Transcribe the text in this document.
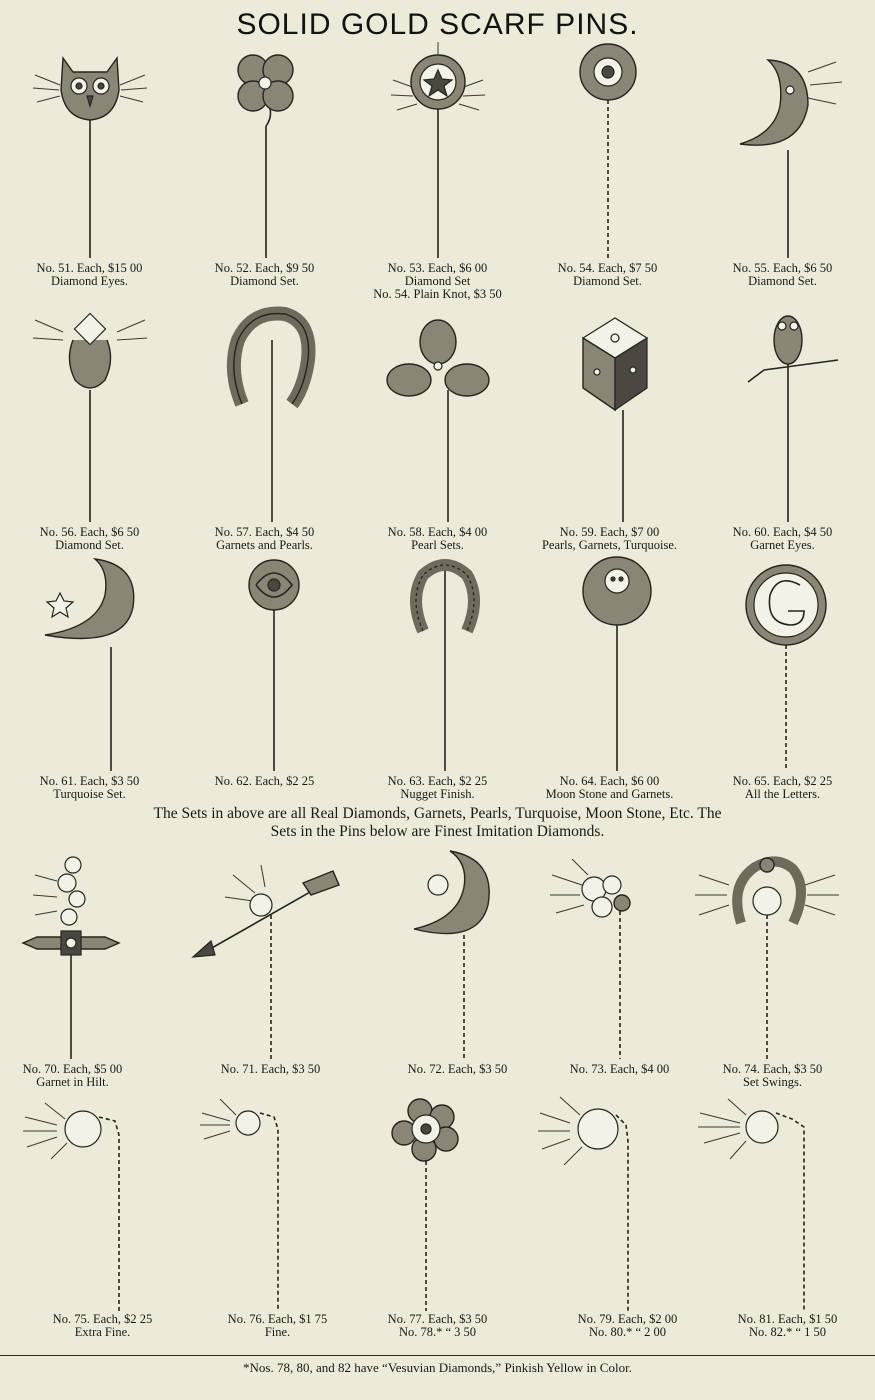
SOLID GOLD SCARF PINS.
No. 51. Each, $15 00
Diamond Eyes.
No. 52. Each, $9 50
Diamond Set.
No. 53. Each, $6 00
Diamond Set
No. 54. Plain Knot, $3 50
No. 54. Each, $7 50
Diamond Set.
No. 55. Each, $6 50
Diamond Set.
No. 56. Each, $6 50
Diamond Set.
No. 57. Each, $4 50
Garnets and Pearls.
No. 58. Each, $4 00
Pearl Sets.
No. 59. Each, $7 00
Pearls, Garnets, Turquoise.
No. 60. Each, $4 50
Garnet Eyes.
No. 61. Each, $3 50
Turquoise Set.
No. 62. Each, $2 25	No. 63. Each, $2 25
Nugget Finish.
No. 64. Each, $6 00
Moon Stone and Garnets.
No. 65. Each, $2 25
All the Letters.
The Sets in above are all Real Diamonds, Garnets, Pearls, Turquoise, Moon Stone, Etc. The
Sets in the Pins below are Finest Imitation Diamonds.
No. 70. Each, $5 00
Garnet in Hilt.
No. 71. Each, $3 50	No. 72. Each, $3 50	No. 73. Each, $4 00	No. 74. Each, $3 50
Set Swings.
No. 75. Each, $2 25
Extra Fine.
No. 76. Each, $1 75
Fine.
No. 77. Each, $3 50
No. 78.* “ 3 50
No. 79. Each, $2 00
No. 80.* “ 2 00
No. 81. Each, $1 50
No. 82.* “ 1 50
*Nos. 78, 80, and 82 have “Vesuvian Diamonds,” Pinkish Yellow in Color.
